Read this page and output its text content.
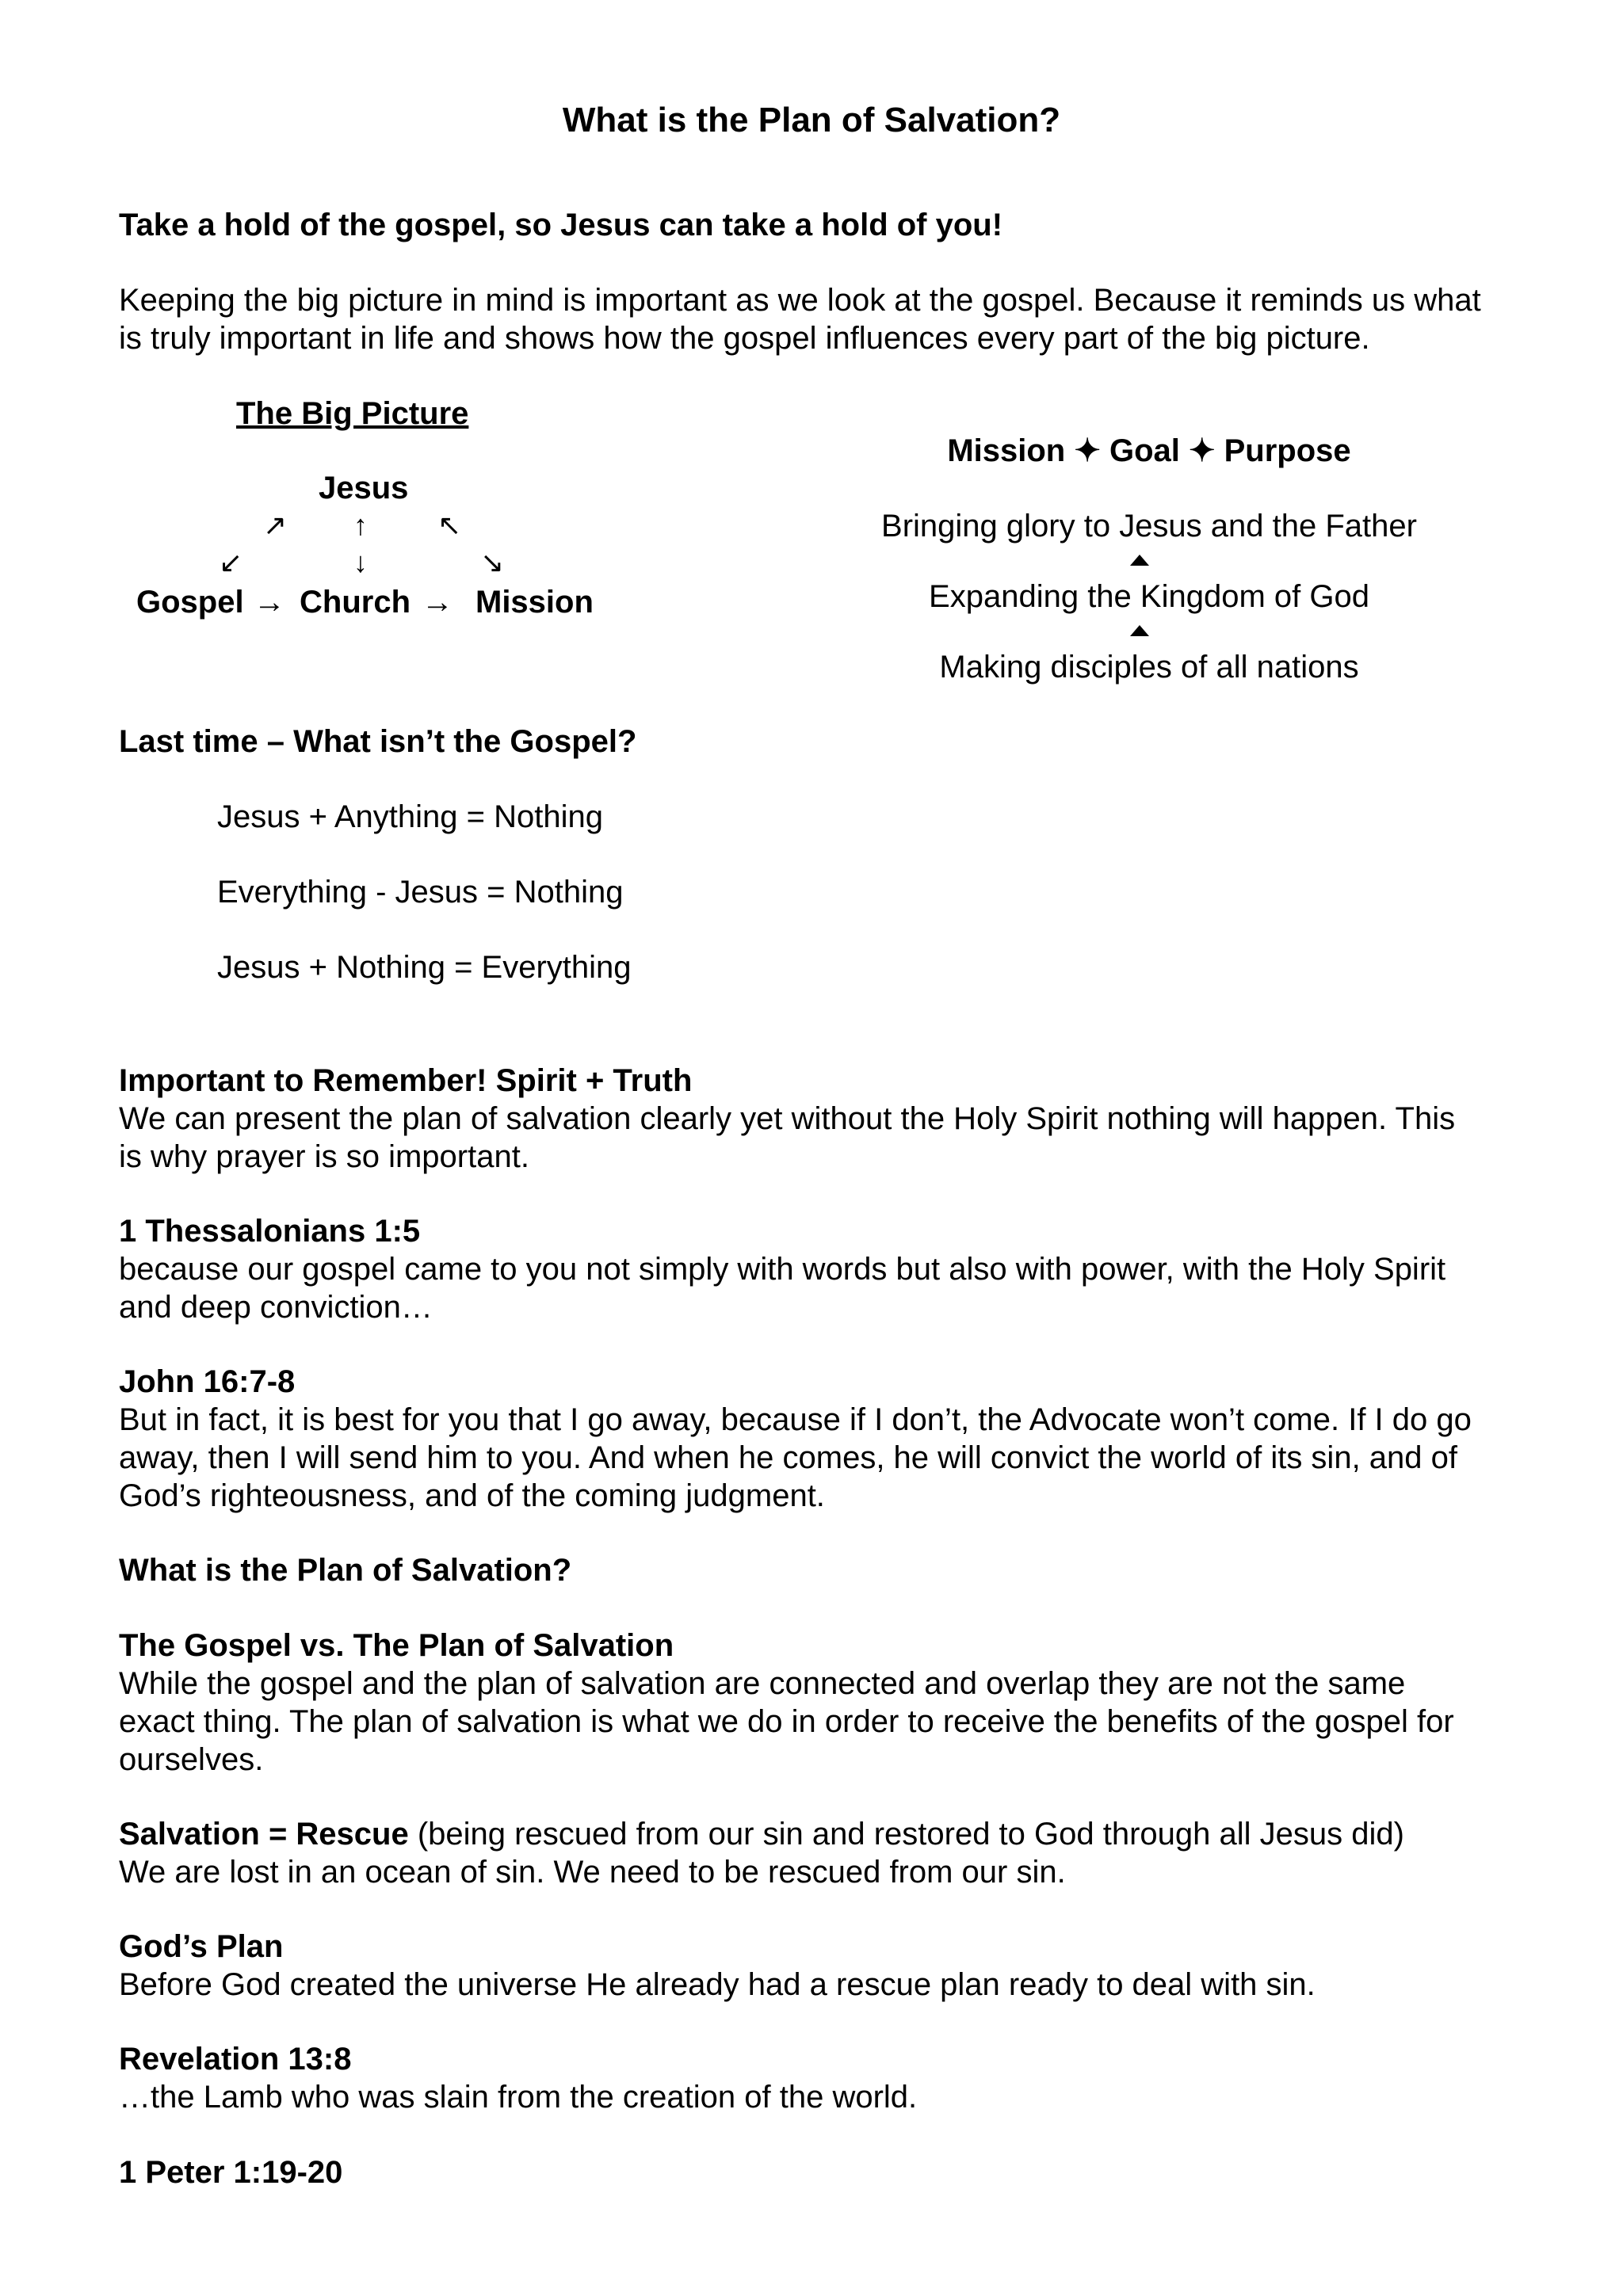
What is the Plan of Salvation?
Take a hold of the gospel, so Jesus can take a hold of you!
Keeping the big picture in mind is important as we look at the gospel. Because it reminds us what
is truly important in life and shows how the gospel influences every part of the big picture.
The Big Picture
Jesus
↗ ↑ ↖
↙	↓	↘
Gospel → Church → Mission
Mission ✦ Goal ✦ Purpose
Bringing glory to Jesus and the Father
Expanding the Kingdom of God
Making disciples of all nations
Last time – What isn’t the Gospel?
Jesus + Anything = Nothing
Everything - Jesus = Nothing
Jesus + Nothing = Everything
Important to Remember! Spirit + Truth
We can present the plan of salvation clearly yet without the Holy Spirit nothing will happen. This
is why prayer is so important.
1 Thessalonians 1:5
because our gospel came to you not simply with words but also with power, with the Holy Spirit
and deep conviction…
John 16:7-8
But in fact, it is best for you that I go away, because if I don’t, the Advocate won’t come. If I do go
away, then I will send him to you. And when he comes, he will convict the world of its sin, and of
God’s righteousness, and of the coming judgment.
What is the Plan of Salvation?
The Gospel vs. The Plan of Salvation
While the gospel and the plan of salvation are connected and overlap they are not the same
exact thing. The plan of salvation is what we do in order to receive the benefits of the gospel for
ourselves.
Salvation = Rescue (being rescued from our sin and restored to God through all Jesus did)
We are lost in an ocean of sin. We need to be rescued from our sin.
God’s Plan
Before God created the universe He already had a rescue plan ready to deal with sin.
Revelation 13:8
…the Lamb who was slain from the creation of the world.
1 Peter 1:19-20
